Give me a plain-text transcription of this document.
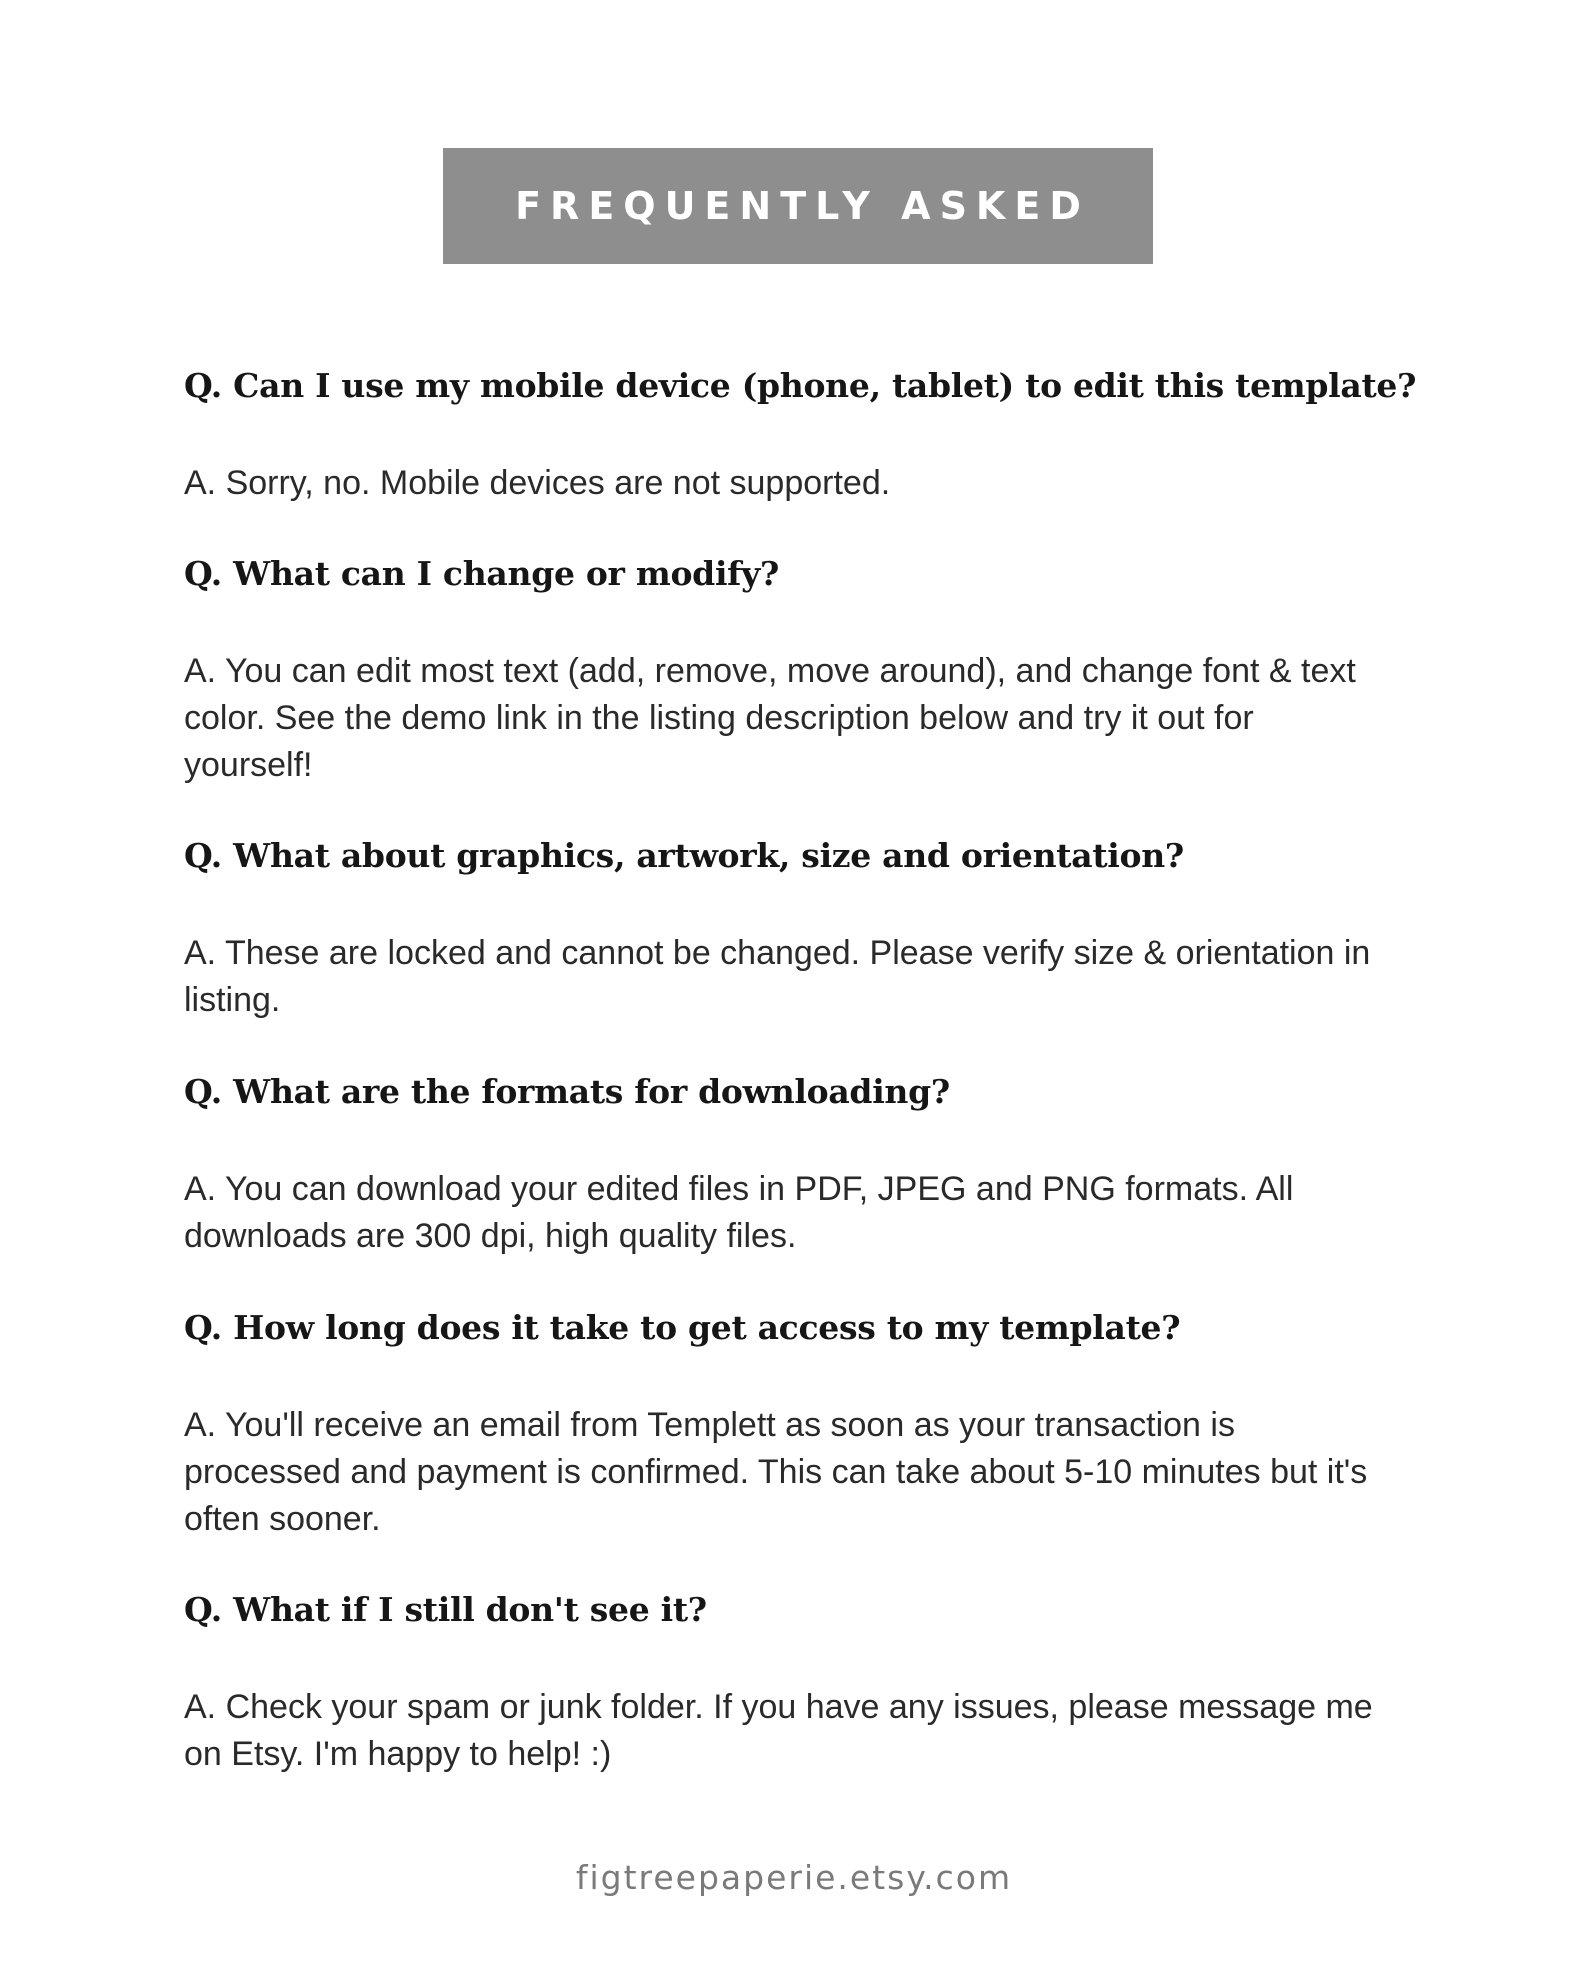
FREQUENTLY ASKED

Q. Can I use my mobile device (phone, tablet) to edit this template?

A. Sorry, no. Mobile devices are not supported.

Q. What can I change or modify?

A. You can edit most text (add, remove, move around), and change font & text color. See the demo link in the listing description below and try it out for yourself!

Q. What about graphics, artwork, size and orientation?

A. These are locked and cannot be changed. Please verify size & orientation in listing.

Q. What are the formats for downloading?

A. You can download your edited files in PDF, JPEG and PNG formats. All downloads are 300 dpi, high quality files.

Q. How long does it take to get access to my template?

A. You'll receive an email from Templett as soon as your transaction is processed and payment is confirmed. This can take about 5-10 minutes but it's often sooner.

Q. What if I still don't see it?

A. Check your spam or junk folder. If you have any issues, please message me on Etsy. I'm happy to help! :)

figtreepaperie.etsy.com
